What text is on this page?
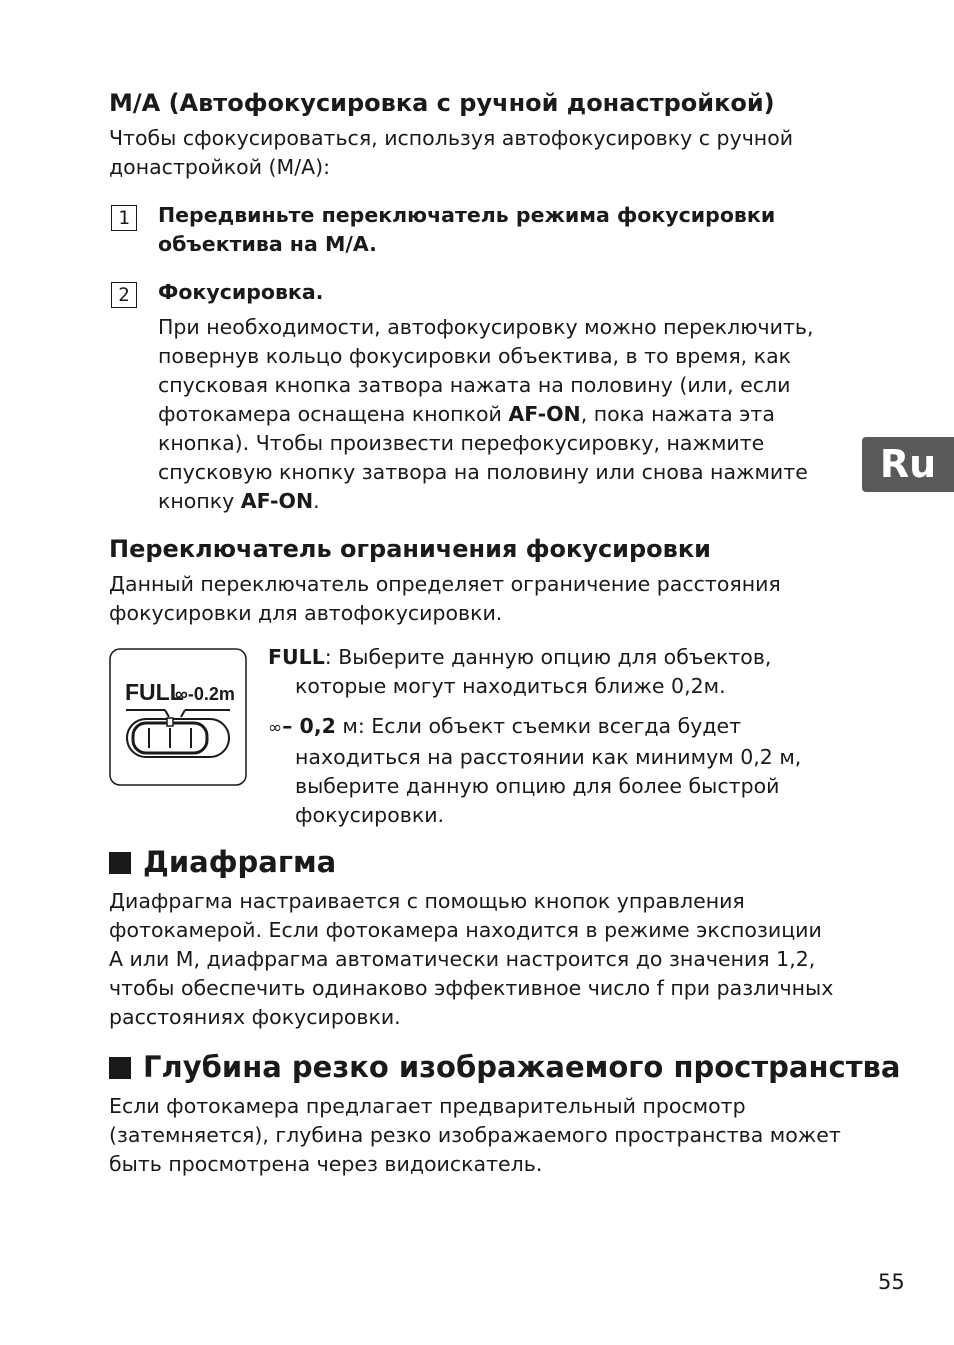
M/A (Автофокусировка с ручной донастройкой)
Чтобы сфокусироваться, используя автофокусировку с ручной
донастройкой (M/A):
1	Передвиньте переключатель режима фокусировки
объектива на M/A.
2	Фокусировка.
При необходимости, автофокусировку можно переключить,
повернув кольцо фокусировки объектива, в то время, как
спусковая кнопка затвора нажата на половину (или, если
фотокамера оснащена кнопкой AF-ON, пока нажата эта
кнопка). Чтобы произвести перефокусировку, нажмите
спусковую кнопку затвора на половину или снова нажмите
кнопку AF-ON.
Ru
Переключатель ограничения фокусировки
Данный переключатель определяет ограничение расстояния
фокусировки для автофокусировки.
FULL
∞-0.2m
FULL: Выберите данную опцию для объектов,
которые могут находиться ближе 0,2м.
∞– 0,2 м: Если объект съемки всегда будет
находиться на расстоянии как минимум 0,2 м,
выберите данную опцию для более быстрой
фокусировки.
Диафрагма
Диафрагма настраивается с помощью кнопок управления
фотокамерой. Если фотокамера находится в режиме экспозиции
A или M, диафрагма автоматически настроится до значения 1,2,
чтобы обеспечить одинаково эффективное число f при различных
расстояниях фокусировки.
Глубина резко изображаемого пространства
Если фотокамера предлагает предварительный просмотр
(затемняется), глубина резко изображаемого пространства может
быть просмотрена через видоискатель.
55
